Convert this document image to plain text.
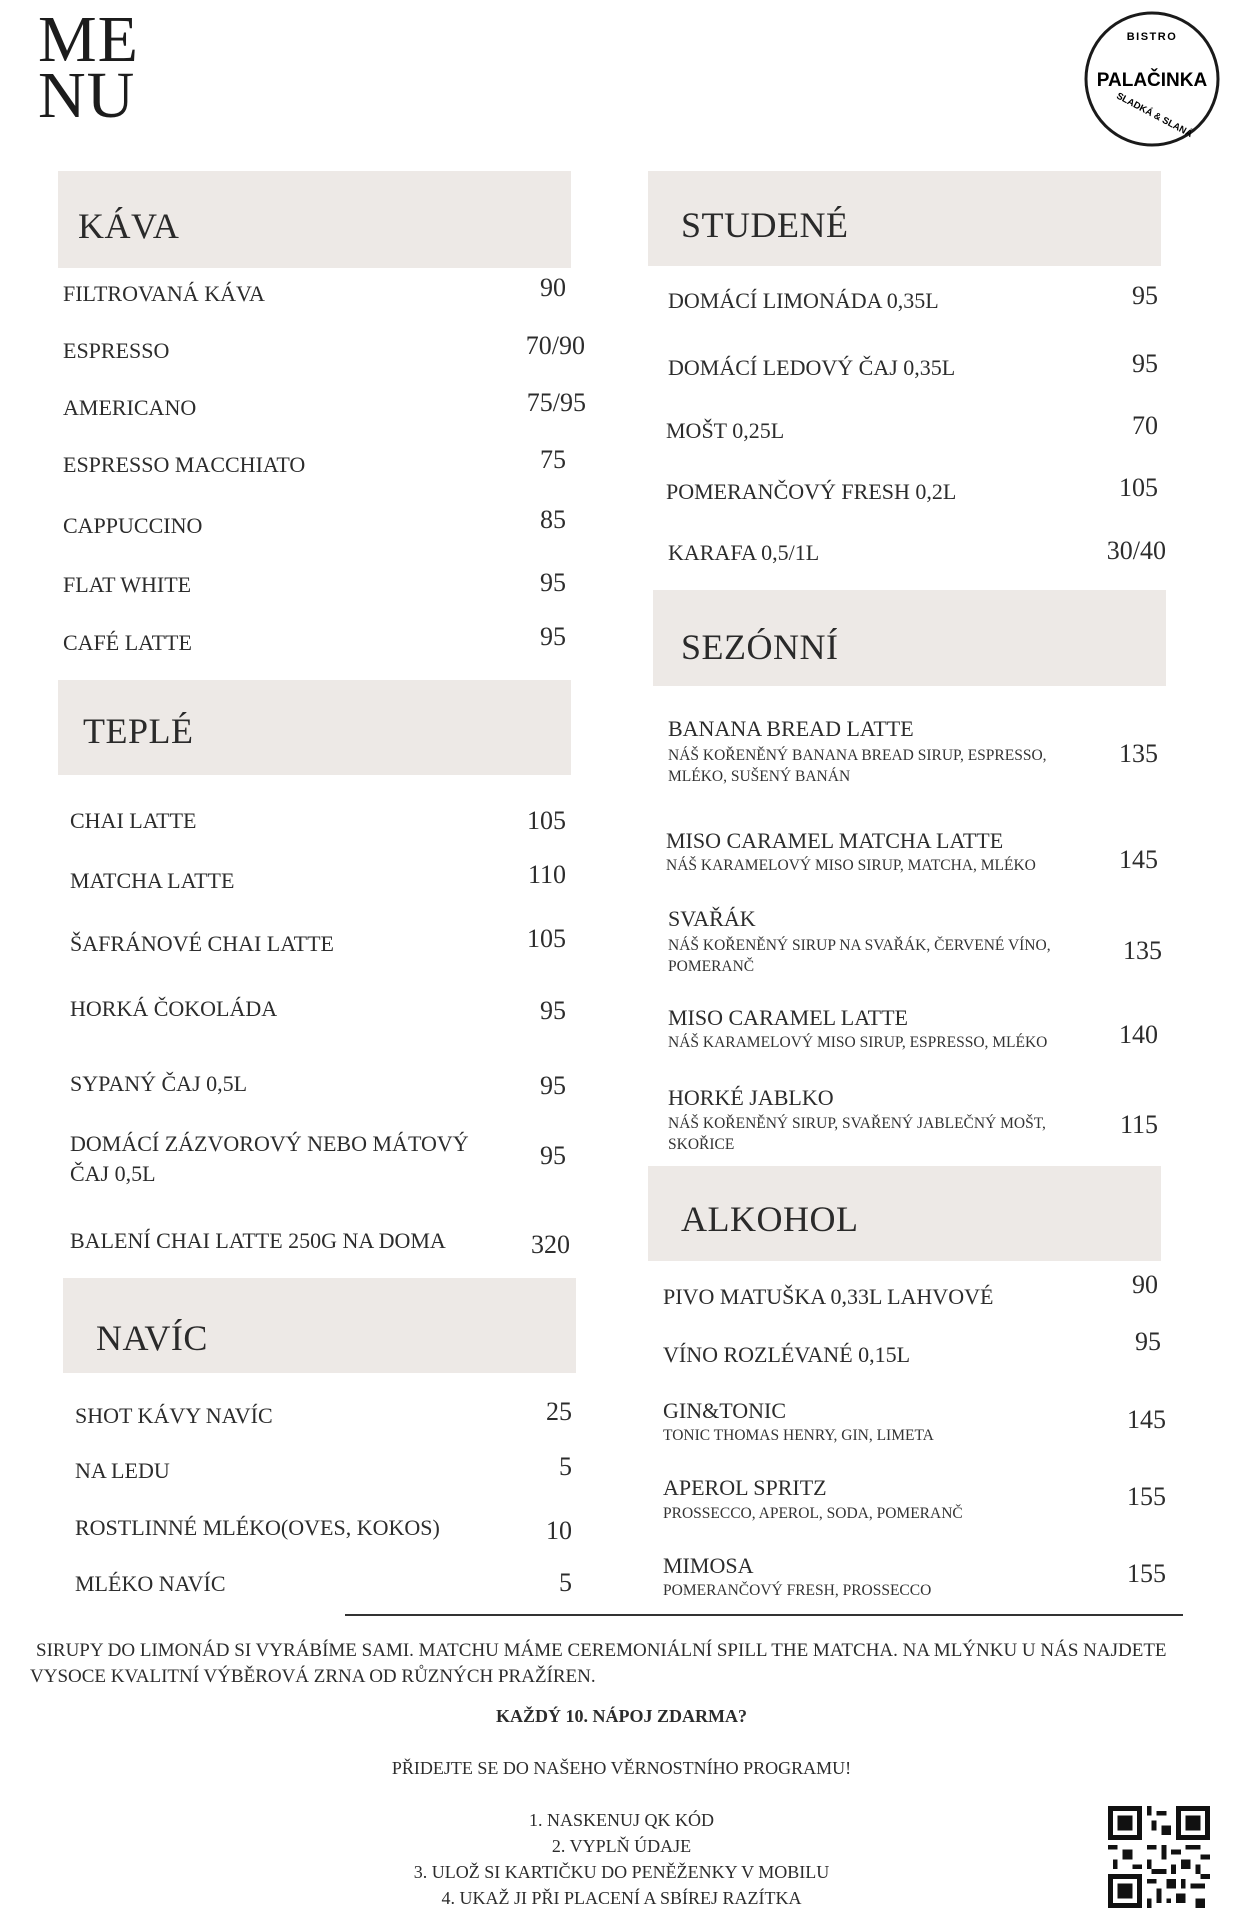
ME
NU
BISTRO
PALAČINKA
SLADKÁ & SLANÁ
KÁVA
FILTROVANÁ KÁVA	90
ESPRESSO	70/90
AMERICANO	75/95
ESPRESSO MACCHIATO	75
CAPPUCCINO	85
FLAT WHITE	95
CAFÉ LATTE	95
TEPLÉ
CHAI LATTE	105
MATCHA LATTE	110
ŠAFRÁNOVÉ CHAI LATTE	105
HORKÁ ČOKOLÁDA	95
SYPANÝ ČAJ 0,5L	95
DOMÁCÍ ZÁZVOROVÝ NEBO MÁTOVÝ
ČAJ 0,5L
95
BALENÍ CHAI LATTE 250G NA DOMA	320
NAVÍC
SHOT KÁVY NAVÍC	25
NA LEDU	5
ROSTLINNÉ MLÉKO(OVES, KOKOS)	10
MLÉKO NAVÍC	5
STUDENÉ
DOMÁCÍ LIMONÁDA 0,35L	95
DOMÁCÍ LEDOVÝ ČAJ 0,35L	95
MOŠT 0,25L	70
POMERANČOVÝ FRESH 0,2L	105
KARAFA 0,5/1L	30/40
SEZÓNNÍ
BANANA BREAD LATTE
NÁŠ KOŘENĚNÝ BANANA BREAD SIRUP, ESPRESSO,
MLÉKO, SUŠENÝ BANÁN
135
MISO CARAMEL MATCHA LATTE
NÁŠ KARAMELOVÝ MISO SIRUP, MATCHA, MLÉKO	145
SVAŘÁK
NÁŠ KOŘENĚNÝ SIRUP NA SVAŘÁK, ČERVENÉ VÍNO,
POMERANČ
135
MISO CARAMEL LATTE
NÁŠ KARAMELOVÝ MISO SIRUP, ESPRESSO, MLÉKO	140
HORKÉ JABLKO
NÁŠ KOŘENĚNÝ SIRUP, SVAŘENÝ JABLEČNÝ MOŠT,
SKOŘICE
115
ALKOHOL
PIVO MATUŠKA 0,33L LAHVOVÉ	90
VÍNO ROZLÉVANÉ 0,15L	95
GIN&TONIC
TONIC THOMAS HENRY, GIN, LIMETA
145
APEROL SPRITZ
PROSSECCO, APEROL, SODA, POMERANČ
155
MIMOSA
POMERANČOVÝ FRESH, PROSSECCO
155
SIRUPY DO LIMONÁD SI VYRÁBÍME SAMI. MATCHU MÁME CEREMONIÁLNÍ SPILL THE MATCHA. NA MLÝNKU U NÁS NAJDETE
VYSOCE KVALITNÍ VÝBĚROVÁ ZRNA OD RŮZNÝCH PRAŽÍREN.
KAŽDÝ 10. NÁPOJ ZDARMA?
PŘIDEJTE SE DO NAŠEHO VĚRNOSTNÍHO PROGRAMU!
1. NASKENUJ QK KÓD
2. VYPLŇ ÚDAJE
3. ULOŽ SI KARTIČKU DO PENĚŽENKY V MOBILU
4. UKAŽ JI PŘI PLACENÍ A SBÍREJ RAZÍTKA
